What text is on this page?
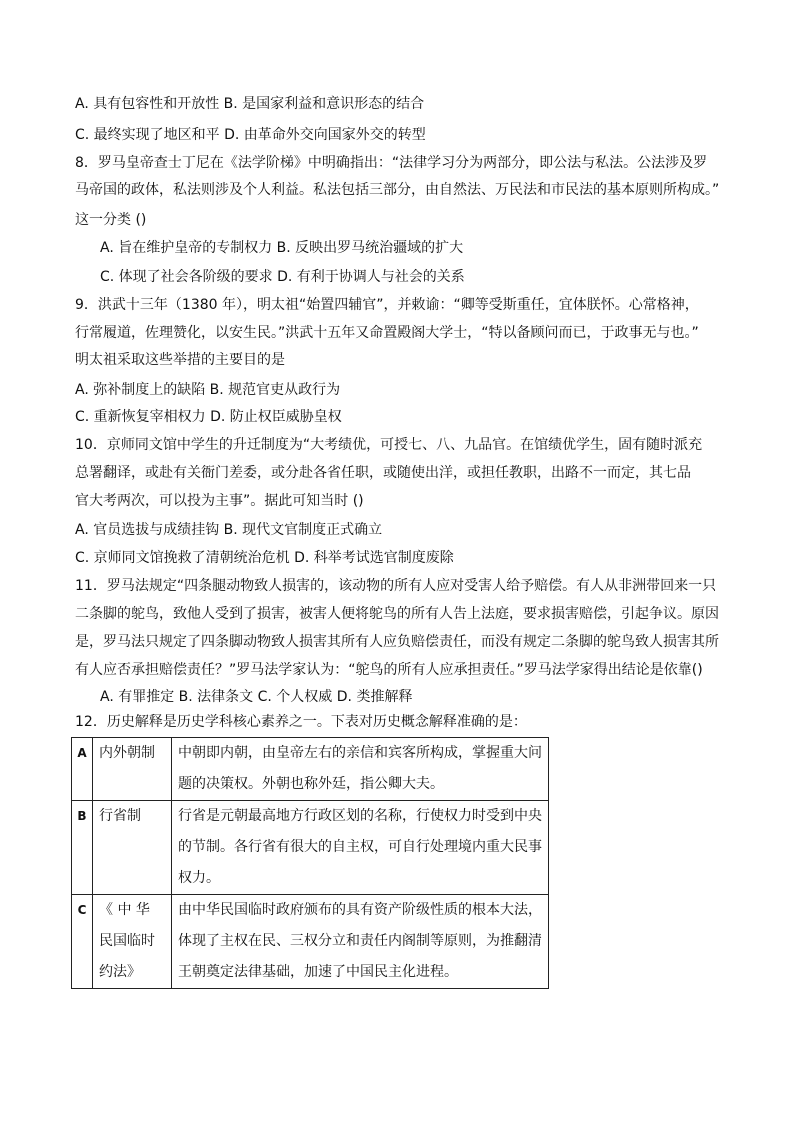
A. 具有包容性和开放性 B. 是国家利益和意识形态的结合
C. 最终实现了地区和平 D. 由革命外交向国家外交的转型
8．罗马皇帝查士丁尼在《法学阶梯》中明确指出：“法律学习分为两部分，即公法与私法。公法涉及罗
马帝国的政体，私法则涉及个人利益。私法包括三部分，由自然法、万民法和市民法的基本原则所构成。”
这一分类 ()
A. 旨在维护皇帝的专制权力 B. 反映出罗马统治疆域的扩大
C. 体现了社会各阶级的要求 D. 有利于协调人与社会的关系
9．洪武十三年（1380 年），明太祖“始置四辅官”，并敕谕：“卿等受斯重任，宜体朕怀。心常格神，
行常履道，佐理赞化，以安生民。”洪武十五年又命置殿阁大学士，“特以备顾问而已，于政事无与也。”
明太祖采取这些举措的主要目的是
A. 弥补制度上的缺陷 B. 规范官吏从政行为
C. 重新恢复宰相权力 D. 防止权臣威胁皇权
10．京师同文馆中学生的升迁制度为“大考绩优，可授七、八、九品官。在馆绩优学生，固有随时派充
总署翻译，或赴有关衙门差委，或分赴各省任职，或随使出洋，或担任教职，出路不一而定，其七品
官大考两次，可以投为主事”。据此可知当时 ()
A. 官员选拔与成绩挂钩 B. 现代文官制度正式确立
C. 京师同文馆挽救了清朝统治危机 D. 科举考试选官制度废除
11．罗马法规定“四条腿动物致人损害的，该动物的所有人应对受害人给予赔偿。有人从非洲带回来一只
二条脚的鸵鸟，致他人受到了损害，被害人便将鸵鸟的所有人告上法庭，要求损害赔偿，引起争议。原因
是，罗马法只规定了四条脚动物致人损害其所有人应负赔偿责任，而没有规定二条脚的鸵鸟致人损害其所
有人应否承担赔偿责任？”罗马法学家认为：“鸵鸟的所有人应承担责任。”罗马法学家得出结论是依靠()
A. 有罪推定 B. 法律条文 C. 个人权威 D. 类推解释
12．历史解释是历史学科核心素养之一。下表对历史概念解释准确的是：
A	内外朝制	中朝即内朝，由皇帝左右的亲信和宾客所构成，掌握重大问
题的决策权。外朝也称外廷，指公卿大夫。

B	行省制	行省是元朝最高地方行政区划的名称，行使权力时受到中央
的节制。各行省有很大的自主权，可自行处理境内重大民事
权力。

C	《 中 华
民国临时
约法》	由中华民国临时政府颁布的具有资产阶级性质的根本大法，
体现了主权在民、三权分立和责任内阁制等原则，为推翻清
王朝奠定法律基础，加速了中国民主化进程。
